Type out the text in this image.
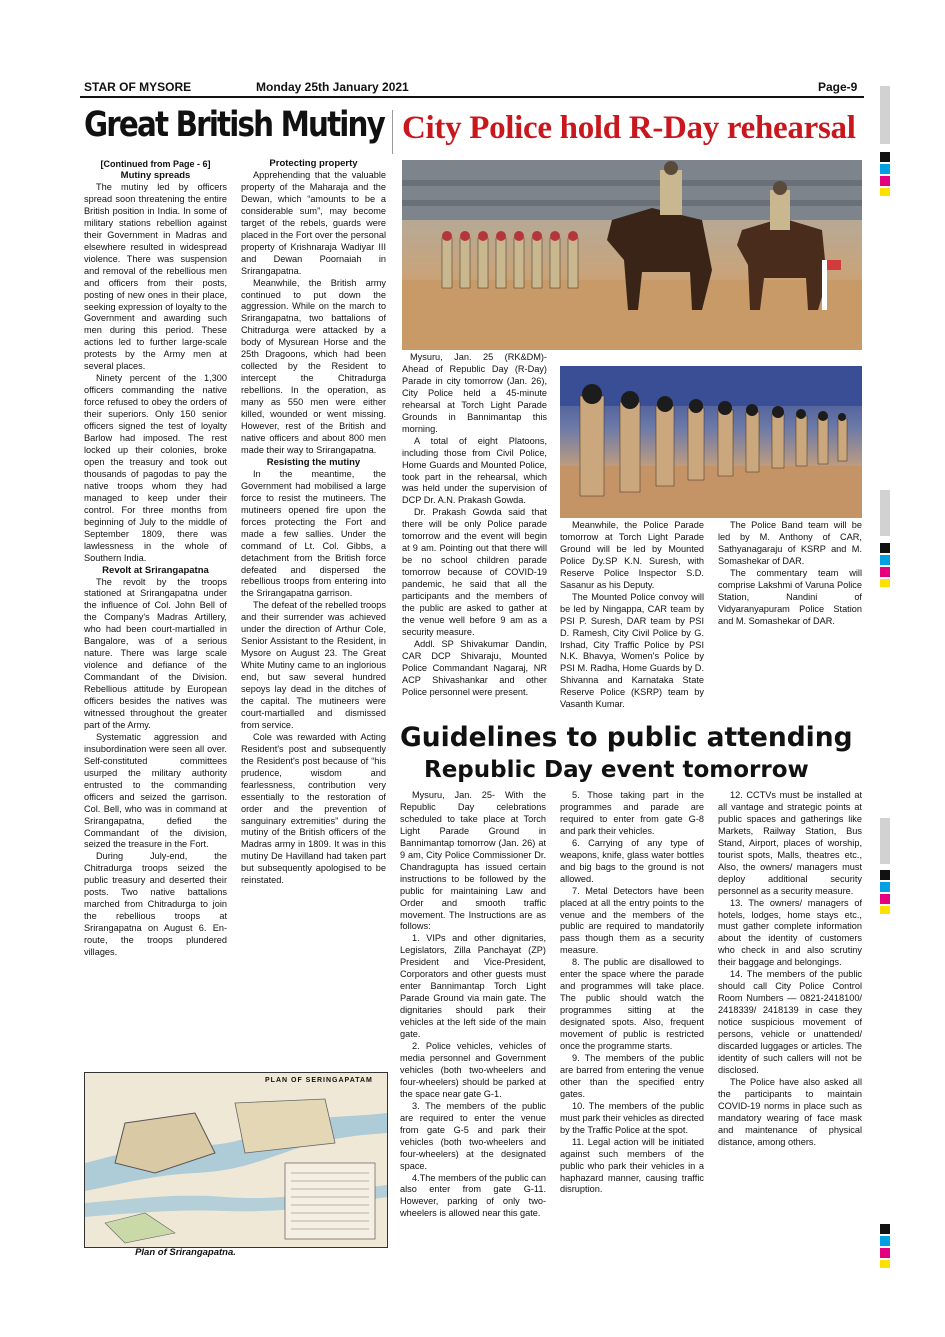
STAR OF MYSORE	Monday 25th January 2021	Page-9
Great British Mutiny City Police hold R-Day rehearsal
[Continued from Page - 6]
Mutiny spreads

The mutiny led by officers spread soon threatening the entire British position in India. In some of military stations rebellion against their Government in Madras and elsewhere resulted in widespread violence. There was suspension and removal of the rebellious men and officers from their posts, posting of new ones in their place, seeking expression of loyalty to the Government and awarding such men during this period. These actions led to further large-scale protests by the Army men at several places.

Ninety percent of the 1,300 officers commanding the native force refused to obey the orders of their superiors. Only 150 senior officers signed the test of loyalty Barlow had imposed. The rest locked up their colonies, broke open the treasury and took out thousands of pagodas to pay the native troops whom they had managed to keep under their control. For three months from beginning of July to the middle of September 1809, there was lawlessness in the whole of Southern India.

Revolt at Srirangapatna

The revolt by the troops stationed at Srirangapatna under the influence of Col. John Bell of the Company's Madras Artillery, who had been court-martialled in Bangalore, was of a serious nature. There was large scale violence and defiance of the Commandant of the Division. Rebellious attitude by European officers besides the natives was witnessed throughout the greater part of the Army.

Systematic aggression and insubordination were seen all over. Self-constituted committees usurped the military authority entrusted to the commanding officers and seized the garrison. Col. Bell, who was in command at Srirangapatna, defied the Commandant of the division, seized the treasure in the Fort.

During July-end, the Chitradurga troops seized the public treasury and deserted their posts. Two native battalions marched from Chitradurga to join the rebellious troops at Srirangapatna on August 6. En-route, the troops plundered villages.

Protecting property

Apprehending that the valuable property of the Maharaja and the Dewan, which “amounts to be a considerable sum”, may become target of the rebels, guards were placed in the Fort over the personal property of Krishnaraja Wadiyar III and Dewan Poornaiah in Srirangapatna.

Meanwhile, the British army continued to put down the aggression. While on the march to Srirangapatna, two battalions of Chitradurga were attacked by a body of Mysurean Horse and the 25th Dragoons, which had been collected by the Resident to intercept the Chitradurga rebellions. In the operation, as many as 550 men were either killed, wounded or went missing. However, rest of the British and native officers and about 800 men made their way to Srirangapatna.

Resisting the mutiny

In the meantime, the Government had mobilised a large force to resist the mutineers. The mutineers opened fire upon the forces protecting the Fort and made a few sallies. Under the command of Lt. Col. Gibbs, a detachment from the British force defeated and dispersed the rebellious troops from entering into the Srirangapatna garrison.

The defeat of the rebelled troops and their surrender was achieved under the direction of Arthur Cole, Senior Assistant to the Resident, in Mysore on August 23. The Great White Mutiny came to an inglorious end, but saw several hundred sepoys lay dead in the ditches of the capital. The mutineers were court-martialled and dismissed from service.

Cole was rewarded with Acting Resident's post and subsequently the Resident's post because of “his prudence, wisdom and fearlessness, contribution very essentially to the restoration of order and the prevention of sanguinary extremities” during the mutiny of the British officers of the Madras army in 1809. It was in this mutiny De Havilland had taken part but subsequently apologised to be reinstated.

PLAN OF SERINGAPATAM
Plan of Srirangapatna.

Mysuru, Jan. 25 (RK&DM)- Ahead of Republic Day (R-Day) Parade in city tomorrow (Jan. 26), City Police held a 45-minute rehearsal at Torch Light Parade Grounds in Bannimantap this morning.

A total of eight Platoons, including those from Civil Police, Home Guards and Mounted Police, took part in the rehearsal, which was held under the supervision of DCP Dr. A.N. Prakash Gowda.

Dr. Prakash Gowda said that there will be only Police parade tomorrow and the event will begin at 9 am. Pointing out that there will be no school children parade tomorrow because of COVID-19 pandemic, he said that all the participants and the members of the public are asked to gather at the venue well before 9 am as a security measure.

Addl. SP Shivakumar Dandin, CAR DCP Shivaraju, Mounted Police Commandant Nagaraj, NR ACP Shivashankar and other Police personnel were present.

Meanwhile, the Police Parade tomorrow at Torch Light Parade Ground will be led by Mounted Police Dy.SP K.N. Suresh, with Reserve Police Inspector S.D. Sasanur as his Deputy.

The Mounted Police convoy will be led by Ningappa, CAR team by PSI P. Suresh, DAR team by PSI D. Ramesh, City Civil Police by G. Irshad, City Traffic Police by PSI N.K. Bhavya, Women's Police by PSI M. Radha, Home Guards by D. Shivanna and Karnataka State Reserve Police (KSRP) team by Vasanth Kumar.

The Police Band team will be led by M. Anthony of CAR, Sathyanagaraju of KSRP and M. Somashekar of DAR.

The commentary team will comprise Lakshmi of Varuna Police Station, Nandini of Vidyaranyapuram Police Station and M. Somashekar of DAR.

Guidelines to public attending
Republic Day event tomorrow

Mysuru, Jan. 25- With the Republic Day celebrations scheduled to take place at Torch Light Parade Ground in Bannimantap tomorrow (Jan. 26) at 9 am, City Police Commissioner Dr. Chandragupta has issued certain instructions to be followed by the public for maintaining Law and Order and smooth traffic movement. The Instructions are as follows:

1. VIPs and other dignitaries, Legislators, Zilla Panchayat (ZP) President and Vice-President, Corporators and other guests must enter Bannimantap Torch Light Parade Ground via main gate. The dignitaries should park their vehicles at the left side of the main gate.

2. Police vehicles, vehicles of media personnel and Government vehicles (both two-wheelers and four-wheelers) should be parked at the space near gate G-1.

3. The members of the public are required to enter the venue from gate G-5 and park their vehicles (both two-wheelers and four-wheelers) at the designated space.

4.The members of the public can also enter from gate G-11. However, parking of only two-wheelers is allowed near this gate.

5. Those taking part in the programmes and parade are required to enter from gate G-8 and park their vehicles.

6. Carrying of any type of weapons, knife, glass water bottles and big bags to the ground is not allowed.

7. Metal Detectors have been placed at all the entry points to the venue and the members of the public are required to mandatorily pass though them as a security measure.

8. The public are disallowed to enter the space where the parade and programmes will take place. The public should watch the programmes sitting at the designated spots. Also, frequent movement of public is restricted once the programme starts.

9. The members of the public are barred from entering the venue other than the specified entry gates.

10. The members of the public must park their vehicles as directed by the Traffic Police at the spot.

11. Legal action will be initiated against such members of the public who park their vehicles in a haphazard manner, causing traffic disruption.

12. CCTVs must be installed at all vantage and strategic points at public spaces and gatherings like Markets, Railway Station, Bus Stand, Airport, places of worship, tourist spots, Malls, theatres etc., Also, the owners/ managers must deploy additional security personnel as a security measure.

13. The owners/ managers of hotels, lodges, home stays etc., must gather complete information about the identity of customers who check in and also scrutiny their baggage and belongings.

14. The members of the public should call City Police Control Room Numbers — 0821-2418100/ 2418339/ 2418139 in case they notice suspicious movement of persons, vehicle or unattended/ discarded luggages or articles. The identity of such callers will not be disclosed.

The Police have also asked all the participants to maintain COVID-19 norms in place such as mandatory wearing of face mask and maintenance of physical distance, among others.
